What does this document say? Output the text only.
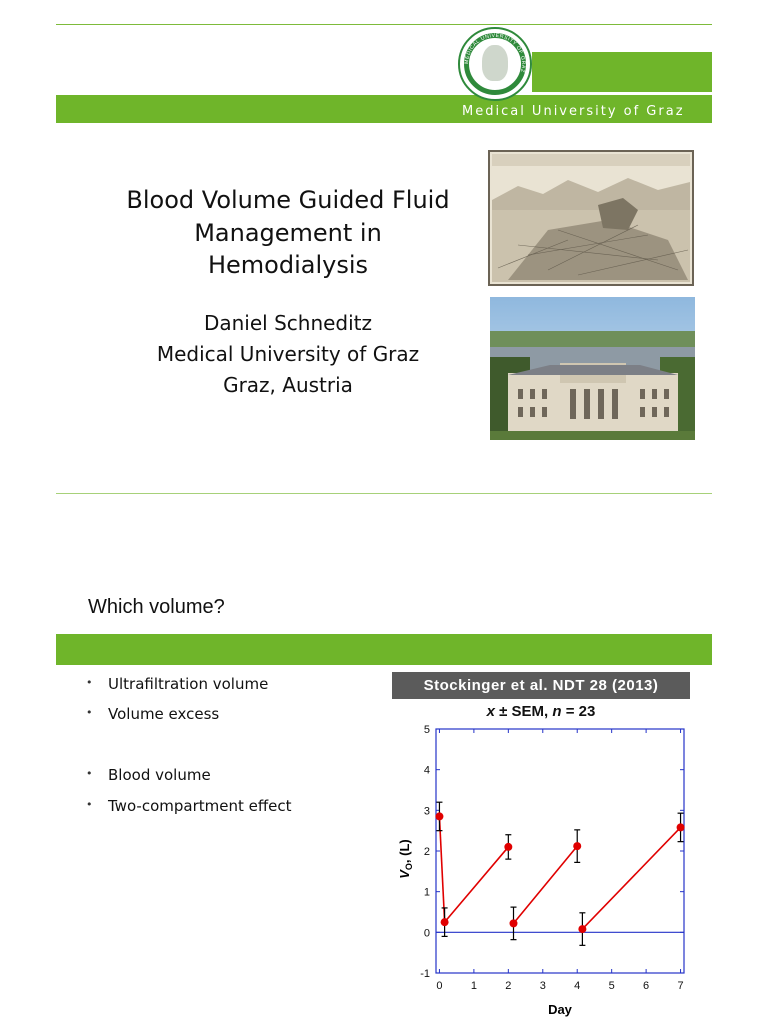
Medical University of Graz
MEDICAL UNIVERSITY OF GRAZ
Blood Volume Guided Fluid
Management in
Hemodialysis
Daniel Schneditz
Medical University of Graz
Graz, Austria
Which volume?
• Ultrafiltration volume
• Volume excess
• Blood volume
• Two-compartment effect
Stockinger et al. NDT 28 (2013)
x ± SEM, n = 23
-1
0
1
2
3
4
5
0	1	2	3	4	5	6	7
Day
$V_O$, (L)
